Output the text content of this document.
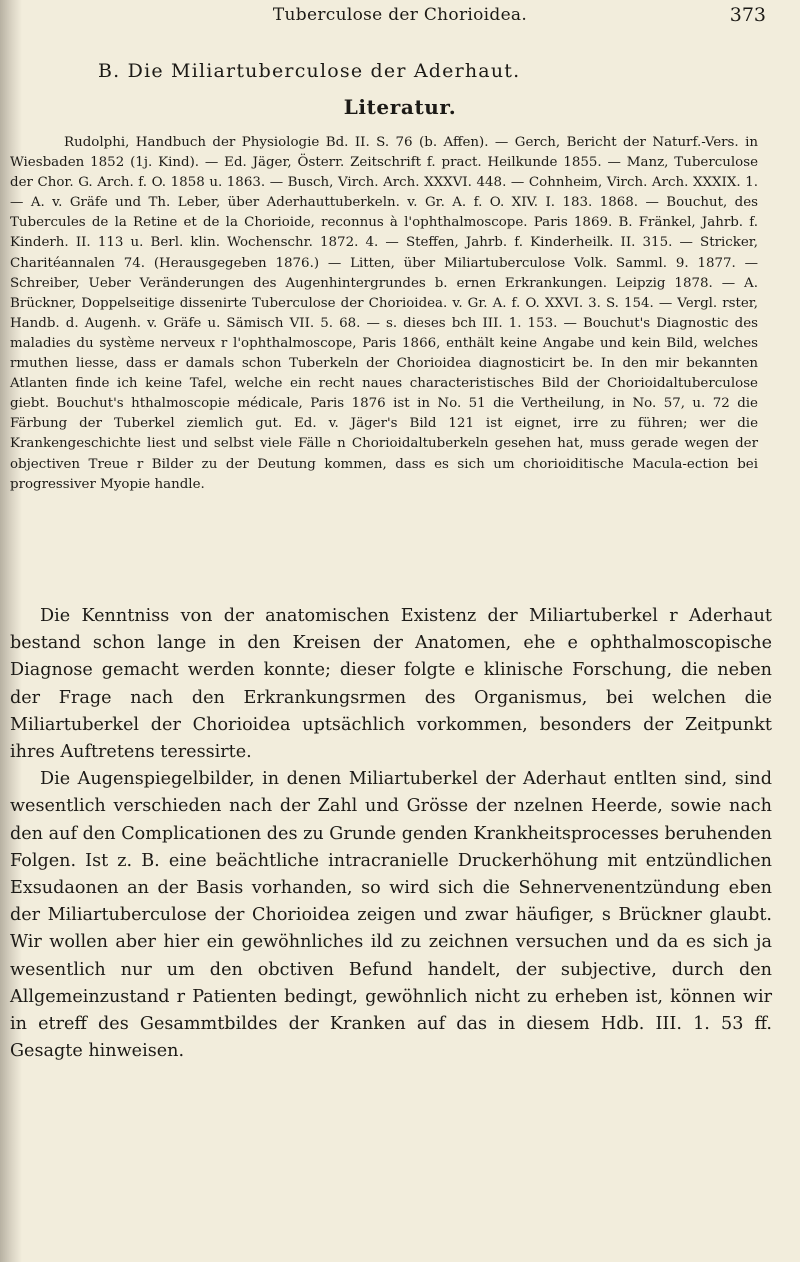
Tuberculose der Chorioidea.	373
B. Die Miliartuberculose der Aderhaut.
Literatur.

Rudolphi, Handbuch der Physiologie Bd. II. S. 76 (b. Affen). — Gerch, Bericht der Naturf.-Vers. in Wiesbaden 1852 (1j. Kind). — Ed. Jäger, Österr. Zeitschrift f. pract. Heilkunde 1855. — Manz, Tuberculose der Chor. G. Arch. f. O. 1858 u. 1863. — Busch, Virch. Arch. XXXVI. 448. — Cohnheim, Virch. Arch. XXXIX. 1. — A. v. Gräfe und Th. Leber, über Aderhauttuberkeln. v. Gr. A. f. O. XIV. I. 183. 1868. — Bouchut, des Tubercules de la Retine et de la Chorioide, reconnus à l'ophthalmoscope. Paris 1869. B. Fränkel, Jahrb. f. Kinderh. II. 113 u. Berl. klin. Wochenschr. 1872. 4. — Steffen, Jahrb. f. Kinderheilk. II. 315. — Stricker, Charitéannalen 74. (Herausgegeben 1876.) — Litten, über Miliartuberculose Volk. Samml. 9. 1877. — Schreiber, Ueber Veränderungen des Augenhintergrundes b. ernen Erkrankungen. Leipzig 1878. — A. Brückner, Doppelseitige dissenirte Tuberculose der Chorioidea. v. Gr. A. f. O. XXVI. 3. S. 154. — Vergl. rster, Handb. d. Augenh. v. Gräfe u. Sämisch VII. 5. 68. — s. dieses bch III. 1. 153. — Bouchut's Diagnostic des maladies du système nerveux r l'ophthalmoscope, Paris 1866, enthält keine Angabe und kein Bild, welches rmuthen liesse, dass er damals schon Tuberkeln der Chorioidea diagnosticirt be. In den mir bekannten Atlanten finde ich keine Tafel, welche ein recht naues characteristisches Bild der Chorioidaltuberculose giebt. Bouchut's hthalmoscopie médicale, Paris 1876 ist in No. 51 die Vertheilung, in No. 57, u. 72 die Färbung der Tuberkel ziemlich gut. Ed. v. Jäger's Bild 121 ist eignet, irre zu führen; wer die Krankengeschichte liest und selbst viele Fälle n Chorioidaltuberkeln gesehen hat, muss gerade wegen der objectiven Treue r Bilder zu der Deutung kommen, dass es sich um chorioiditische Macula-ection bei progressiver Myopie handle.

Die Kenntniss von der anatomischen Existenz der Miliartuberkel r Aderhaut bestand schon lange in den Kreisen der Anatomen, ehe e ophthalmoscopische Diagnose gemacht werden konnte; dieser folgte e klinische Forschung, die neben der Frage nach den Erkrankungsrmen des Organismus, bei welchen die Miliartuberkel der Chorioidea uptsächlich vorkommen, besonders der Zeitpunkt ihres Auftretens teressirte.

Die Augenspiegelbilder, in denen Miliartuberkel der Aderhaut entlten sind, sind wesentlich verschieden nach der Zahl und Grösse der nzelnen Heerde, sowie nach den auf den Complicationen des zu Grunde genden Krankheitsprocesses beruhenden Folgen. Ist z. B. eine beächtliche intracranielle Druckerhöhung mit entzündlichen Exsudaonen an der Basis vorhanden, so wird sich die Sehnervenentzündung eben der Miliartuberculose der Chorioidea zeigen und zwar häufiger, s Brückner glaubt. Wir wollen aber hier ein gewöhnliches ild zu zeichnen versuchen und da es sich ja wesentlich nur um den obctiven Befund handelt, der subjective, durch den Allgemeinzustand r Patienten bedingt, gewöhnlich nicht zu erheben ist, können wir in etreff des Gesammtbildes der Kranken auf das in diesem Hdb. III. 1. 53 ff. Gesagte hinweisen.
